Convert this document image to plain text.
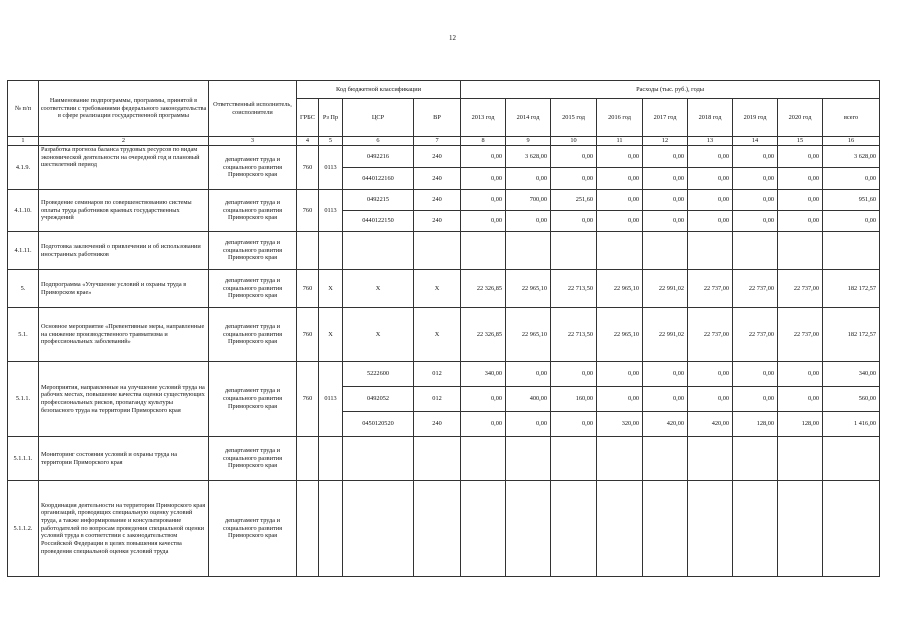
12
№ п/п	Наименование подпрограммы, программы, принятой в соответствии с требованиями федерального законодательства в сфере реализации государственной программы	Ответственный исполнитель, соисполнители	Код бюджетной классификации				Расходы (тыс. руб.), годы								
			ГРБС	Рз Пр	ЦСР	ВР	2013 год	2014 год	2015 год	2016 год	2017 год	2018 год	2019 год	2020 год	всего
1	2	3	4	5	6	7	8	9	10	11	12	13	14	15	16
4.1.9.	Разработка прогноза баланса трудовых ресурсов по видам экономической деятельности на очередной год и плановый шестилетний период	департамент труда и социального развития Приморского края	760	0113	0492216	240	0,00	3 628,00	0,00	0,00	0,00	0,00	0,00	0,00	3 628,00
					0440122160	240	0,00	0,00	0,00	0,00	0,00	0,00	0,00	0,00	0,00
4.1.10.	Проведение семинаров по совершенствованию системы оплаты труда работников краевых государственных учреждений	департамент труда и социального развития Приморского края	760	0113	0492215	240	0,00	700,00	251,60	0,00	0,00	0,00	0,00	0,00	951,60
					0440122150	240	0,00	0,00	0,00	0,00	0,00	0,00	0,00	0,00	0,00
4.1.11.	Подготовка заключений о привлечении и об использовании иностранных работников	департамент труда и социального развития Приморского края													
5.	Подпрограмма «Улучшение условий и охраны труда в Приморском крае»	департамент труда и социального развития Приморского края	760	Х	Х	Х	22 326,85	22 965,10	22 713,50	22 965,10	22 991,02	22 737,00	22 737,00	22 737,00	182 172,57
5.1.	Основное мероприятие «Превентивные меры, направленные на снижение производственного травматизма и профессиональных заболеваний»	департамент труда и социального развития Приморского края	760	Х	Х	Х	22 326,85	22 965,10	22 713,50	22 965,10	22 991,02	22 737,00	22 737,00	22 737,00	182 172,57
5.1.1.	Мероприятия, направленные на улучшение условий труда на рабочих местах, повышение качества оценки существующих профессиональных рисков, пропаганду культуры безопасного труда на территории Приморского края	департамент труда и социального развития Приморского края	760	0113	5222600	012	340,00	0,00	0,00	0,00	0,00	0,00	0,00	0,00	340,00
					0492052	012	0,00	400,00	160,00	0,00	0,00	0,00	0,00	0,00	560,00
					0450120520	240	0,00	0,00	0,00	320,00	420,00	420,00	128,00	128,00	1 416,00
5.1.1.1.	Мониторинг состояния условий и охраны труда на территории Приморского края	департамент труда и социального развития Приморского края													
5.1.1.2.	Координация деятельности на территории Приморского края организаций, проводящих специальную оценку условий труда, а также информирование и консультирование работодателей по вопросам проведения специальной оценки условий труда в соответствии с законодательством Российской Федерации в целях повышения качества проведения специальной оценки условий труда	департамент труда и социального развития Приморского края													
